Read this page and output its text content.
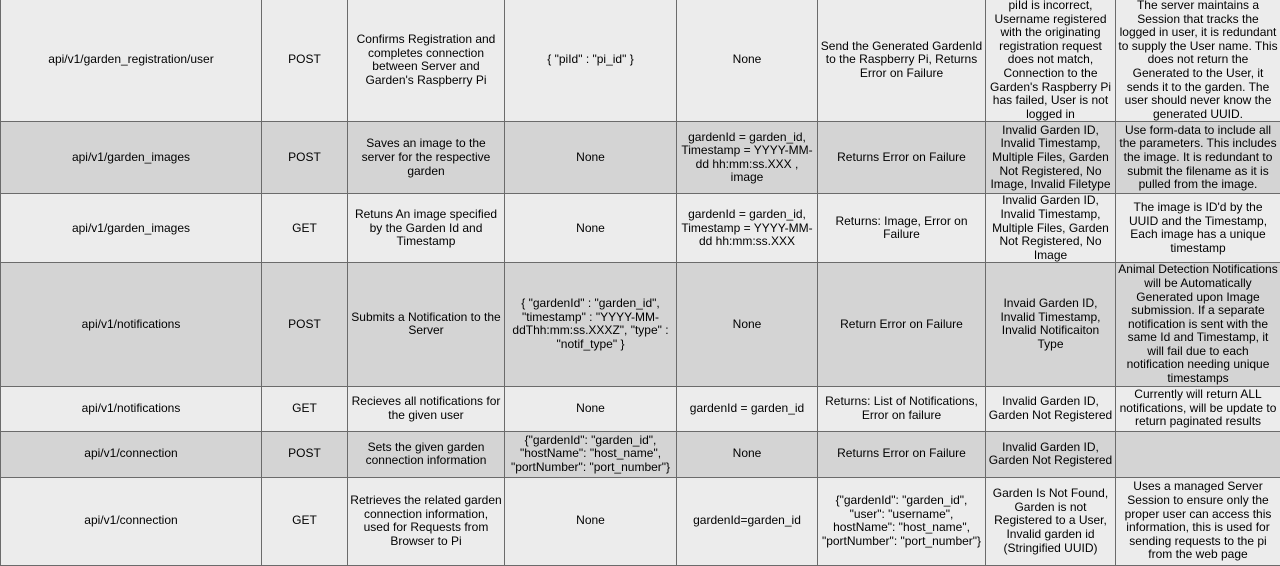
api/v1/garden_registration/user	POST	Confirms Registration and completes connection between Server and Garden's Raspberry Pi	{ "piId" : "pi_id" }	None	Send the Generated GardenId to the Raspberry Pi, Returns Error on Failure	piId is incorrect, Username registered with the originating registration request does not match, Connection to the Garden's Raspberry Pi has failed, User is not logged in	The server maintains a Session that tracks the logged in user, it is redundant to supply the User name. This does not return the Generated to the User, it sends it to the garden. The user should never know the generated UUID.
api/v1/garden_images	POST	Saves an image to the server for the respective garden	None	gardenId = garden_id, Timestamp = YYYY-MM-dd hh:mm:ss.XXX , image	Returns Error on Failure	Invalid Garden ID, Invalid Timestamp, Multiple Files, Garden Not Registered, No Image, Invalid Filetype	Use form-data to include all the parameters. This includes the image. It is redundant to submit the filename as it is pulled from the image.
api/v1/garden_images	GET	Retuns An image specified by the Garden Id and Timestamp	None	gardenId = garden_id, Timestamp = YYYY-MM-dd hh:mm:ss.XXX	Returns: Image, Error on Failure	Invalid Garden ID, Invalid Timestamp, Multiple Files, Garden Not Registered, No Image	The image is ID'd by the UUID and the Timestamp, Each image has a unique timestamp
api/v1/notifications	POST	Submits a Notification to the Server	{ "gardenId" : "garden_id", "timestamp" : "YYYY-MM-ddThh:mm:ss.XXXZ", "type" : "notif_type" }	None	Return Error on Failure	Invaid Garden ID, Invalid Timestamp, Invalid Notificaiton Type	Animal Detection Notifications will be Automatically Generated upon Image submission. If a separate notification is sent with the same Id and Timestamp, it will fail due to each notification needing unique timestamps
api/v1/notifications	GET	Recieves all notifications for the given user	None	gardenId = garden_id	Returns: List of Notifications, Error on failure	Invalid Garden ID, Garden Not Registered	Currently will return ALL notifications, will be update to return paginated results
api/v1/connection	POST	Sets the given garden connection information	{"gardenId": "garden_id", "hostName": "host_name", "portNumber": "port_number"}	None	Returns Error on Failure	Invalid Garden ID, Garden Not Registered	
api/v1/connection	GET	Retrieves the related garden connection information, used for Requests from Browser to Pi	None	gardenId=garden_id	{"gardenId": "garden_id", "user": "username", hostName": "host_name", "portNumber": "port_number"}	Garden Is Not Found, Garden is not Registered to a User, Invalid garden id (Stringified UUID)	Uses a managed Server Session to ensure only the proper user can access this information, this is used for sending requests to the pi from the web page
